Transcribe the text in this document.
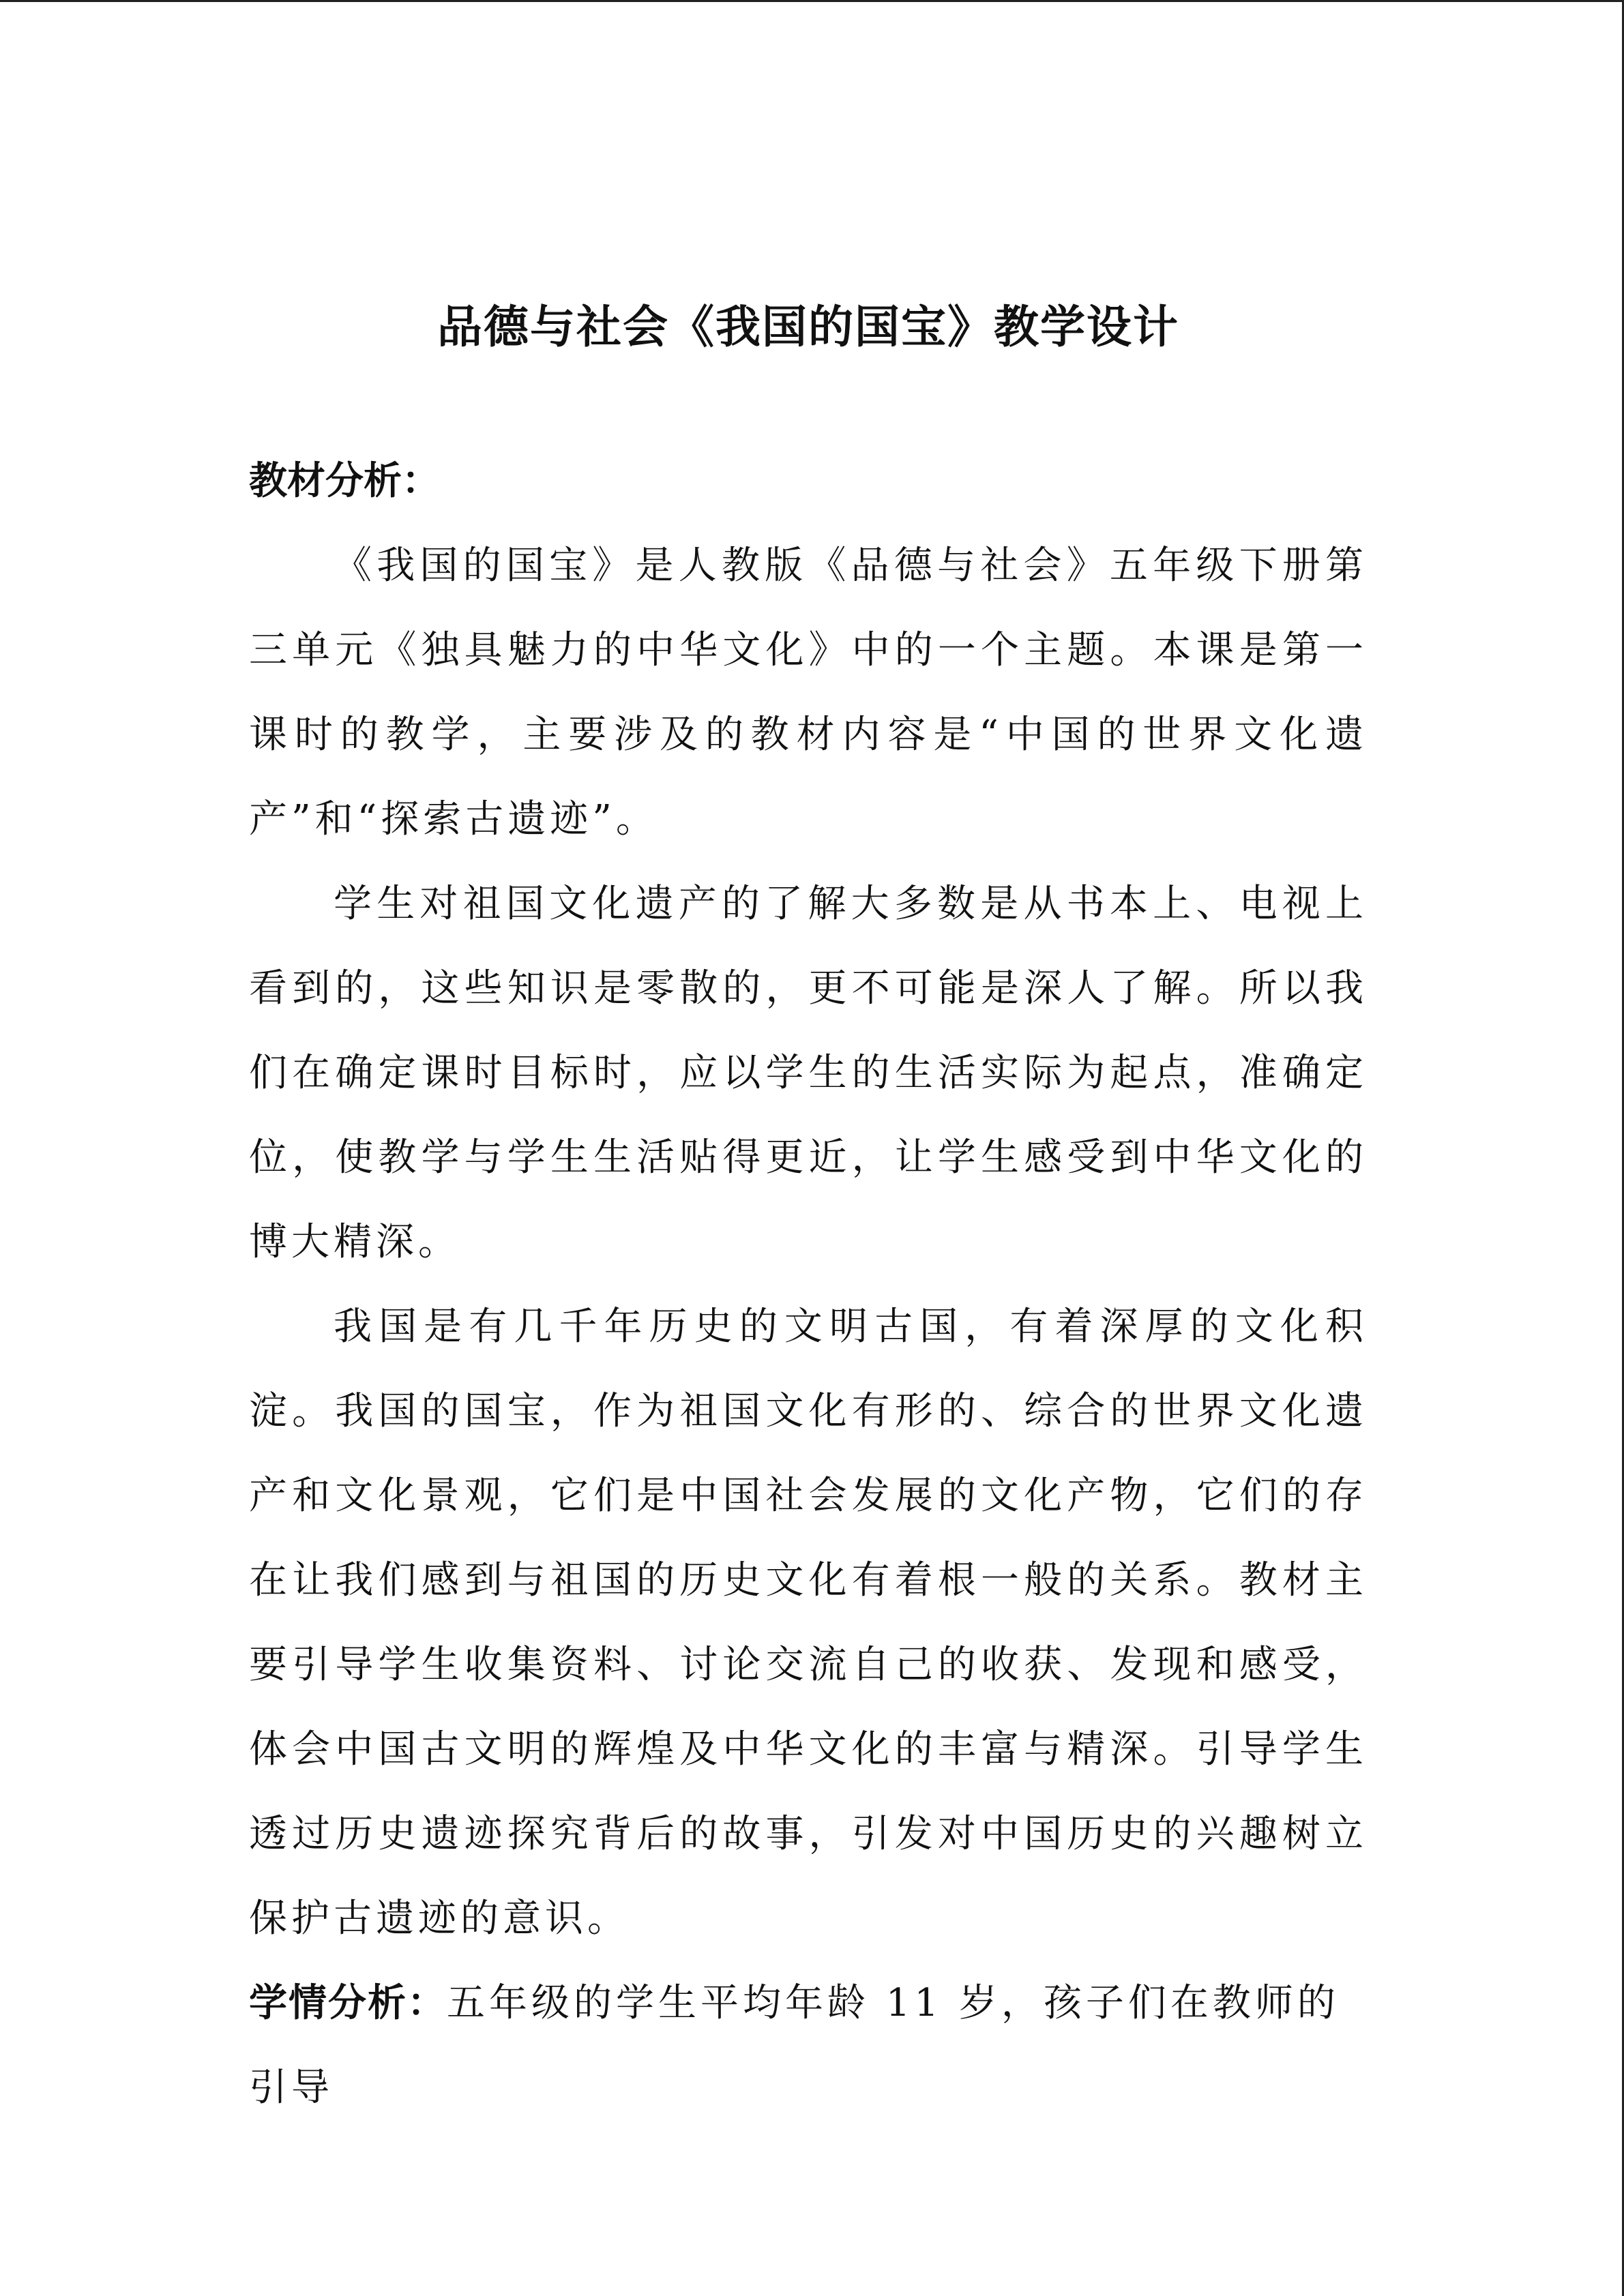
品德与社会《我国的国宝》教学设计
教材分析：

《我国的国宝》是人教版《品德与社会》五年级下册第三单元《独具魅力的中华文化》中的一个主题。本课是第一课时的教学，主要涉及的教材内容是“中国的世界文化遗产”和“探索古遗迹”。

学生对祖国文化遗产的了解大多数是从书本上、电视上看到的，这些知识是零散的，更不可能是深人了解。所以我们在确定课时目标时，应以学生的生活实际为起点，准确定位，使教学与学生生活贴得更近，让学生感受到中华文化的博大精深。

我国是有几千年历史的文明古国，有着深厚的文化积淀。我国的国宝，作为祖国文化有形的、综合的世界文化遗产和文化景观，它们是中国社会发展的文化产物，它们的存在让我们感到与祖国的历史文化有着根一般的关系。教材主要引导学生收集资料、讨论交流自己的收获、发现和感受，体会中国古文明的辉煌及中华文化的丰富与精深。引导学生透过历史遗迹探究背后的故事，引发对中国历史的兴趣树立保护古遗迹的意识。

学情分析：五年级的学生平均年龄 11 岁，孩子们在教师的引导
